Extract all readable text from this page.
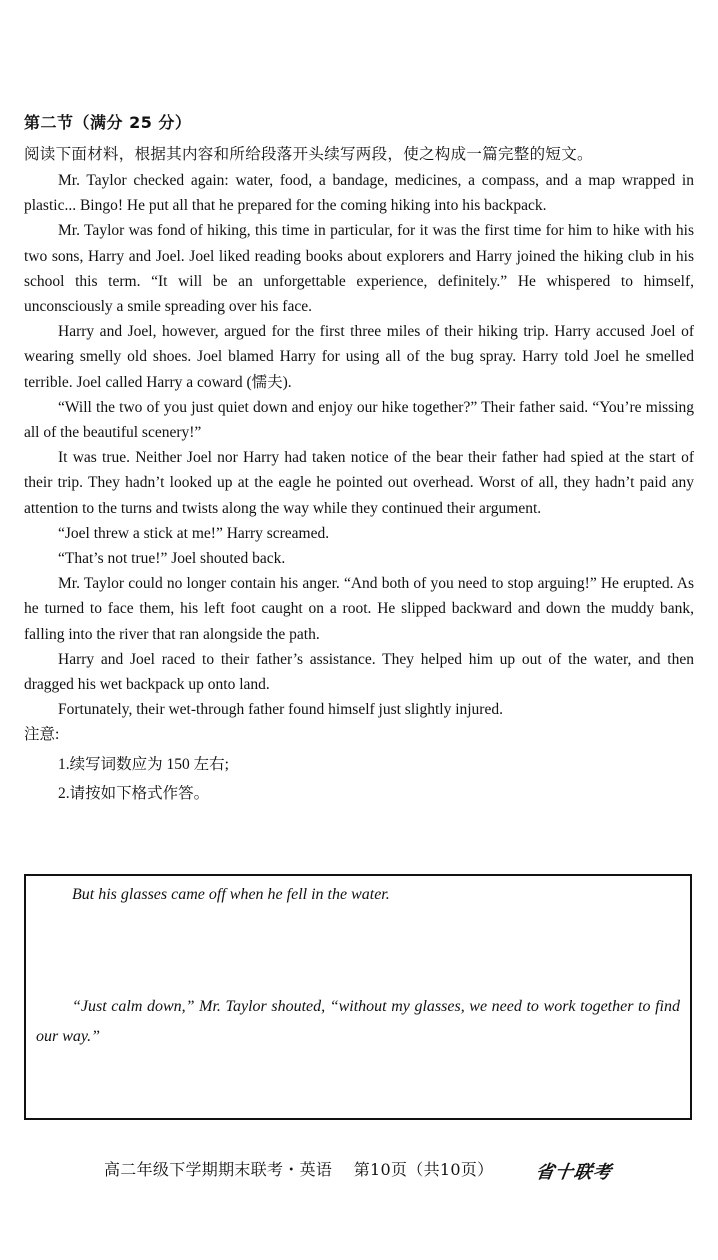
第二节（满分 25 分）
阅读下面材料，根据其内容和所给段落开头续写两段，使之构成一篇完整的短文。

Mr. Taylor checked again: water, food, a bandage, medicines, a compass, and a map wrapped in plastic... Bingo! He put all that he prepared for the coming hiking into his backpack.

Mr. Taylor was fond of hiking, this time in particular, for it was the first time for him to hike with his two sons, Harry and Joel. Joel liked reading books about explorers and Harry joined the hiking club in his school this term. “It will be an unforgettable experience, definitely.” He whispered to himself, unconsciously a smile spreading over his face.

Harry and Joel, however, argued for the first three miles of their hiking trip. Harry accused Joel of wearing smelly old shoes. Joel blamed Harry for using all of the bug spray. Harry told Joel he smelled terrible. Joel called Harry a coward (懦夫).

“Will the two of you just quiet down and enjoy our hike together?” Their father said. “You’re missing all of the beautiful scenery!”

It was true. Neither Joel nor Harry had taken notice of the bear their father had spied at the start of their trip. They hadn’t looked up at the eagle he pointed out overhead. Worst of all, they hadn’t paid any attention to the turns and twists along the way while they continued their argument.

“Joel threw a stick at me!” Harry screamed.

“That’s not true!” Joel shouted back.

Mr. Taylor could no longer contain his anger. “And both of you need to stop arguing!” He erupted. As he turned to face them, his left foot caught on a root. He slipped backward and down the muddy bank, falling into the river that ran alongside the path.

Harry and Joel raced to their father’s assistance. They helped him up out of the water, and then dragged his wet backpack up onto land.

Fortunately, their wet-through father found himself just slightly injured.

注意:

1.续写词数应为 150 左右;

2.请按如下格式作答。

But his glasses came off when he fell in the water.
“Just calm down,” Mr. Taylor shouted, “without my glasses, we need to work together to find our way.”
高二年级下学期期末联考・英语    第10页（共10页） 省十联考
